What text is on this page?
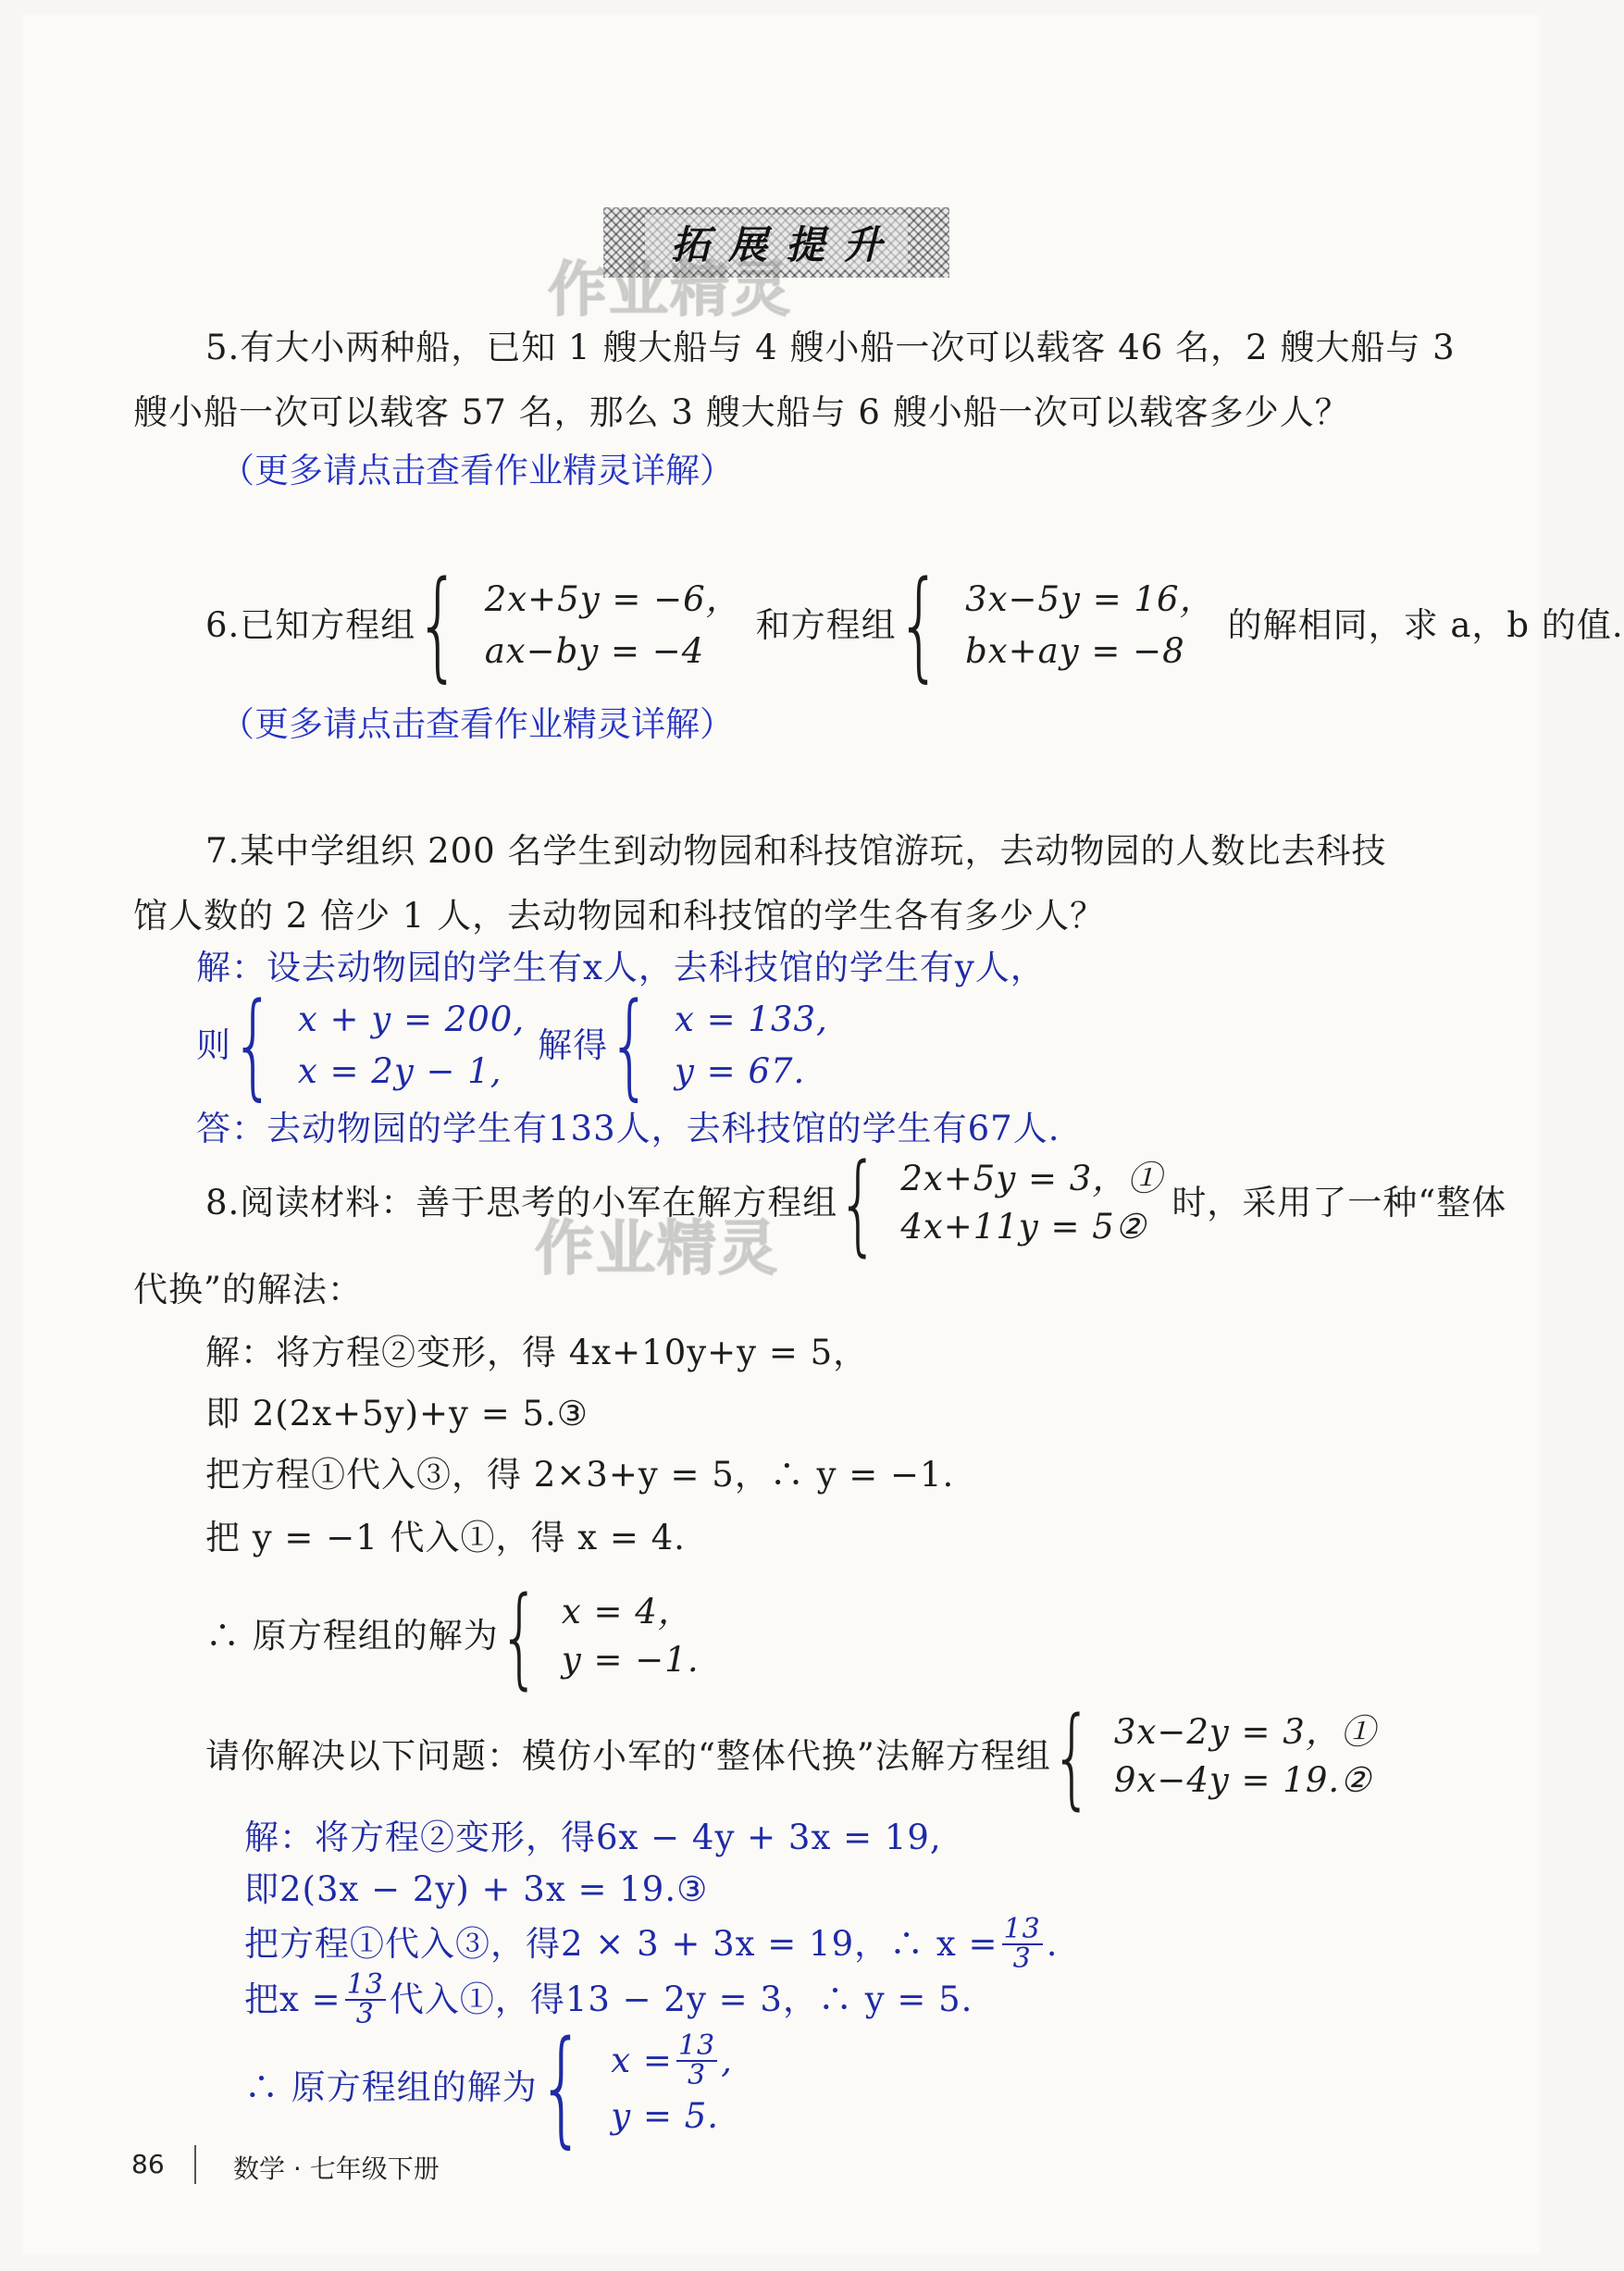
拓展提升
作业精灵
作业精灵
5.有大小两种船，已知 1 艘大船与 4 艘小船一次可以载客 46 名，2 艘大船与 3
艘小船一次可以载客 57 名，那么 3 艘大船与 6 艘小船一次可以载客多少人？
（更多请点击查看作业精灵详解）
6.已知方程组 { 2x+5y = −6，
ax−by = −4
和方程组 { 3x−5y = 16，
bx+ay = −8
的解相同，求 a，b 的值.
（更多请点击查看作业精灵详解）
7.某中学组织 200 名学生到动物园和科技馆游玩，去动物园的人数比去科技
馆人数的 2 倍少 1 人，去动物园和科技馆的学生各有多少人？
解：设去动物园的学生有x人，去科技馆的学生有y人，
则 { x + y = 200,
x = 2y − 1,
解得 { x = 133,
y = 67.
答：去动物园的学生有133人，去科技馆的学生有67人.
8.阅读材料：善于思考的小军在解方程组 { 2x+5y = 3，①
4x+11y = 5②
时，采用了一种“整体
代换”的解法：
解：将方程②变形，得 4x+10y+y = 5，
即 2(2x+5y)+y = 5.③
把方程①代入③，得 2×3+y = 5，∴ y = −1.
把 y = −1 代入①，得 x = 4.
∴ 原方程组的解为 { x = 4，
y = −1.
请你解决以下问题：模仿小军的“整体代换”法解方程组 { 3x−2y = 3，①
9x−4y = 19.②
解：将方程②变形，得6x − 4y + 3x = 19,
即2(3x − 2y) + 3x = 19.③
把方程①代入③，得2 × 3 + 3x = 19，∴ $x = \frac{13}{3}$ .
把$x = \frac{13}{3}$ 代入①，得13 − 2y = 3，∴ y = 5.
∴ 原方程组的解为 { $x = \frac{13}{3}$ ,
y = 5.
86	数学 · 七年级下册
